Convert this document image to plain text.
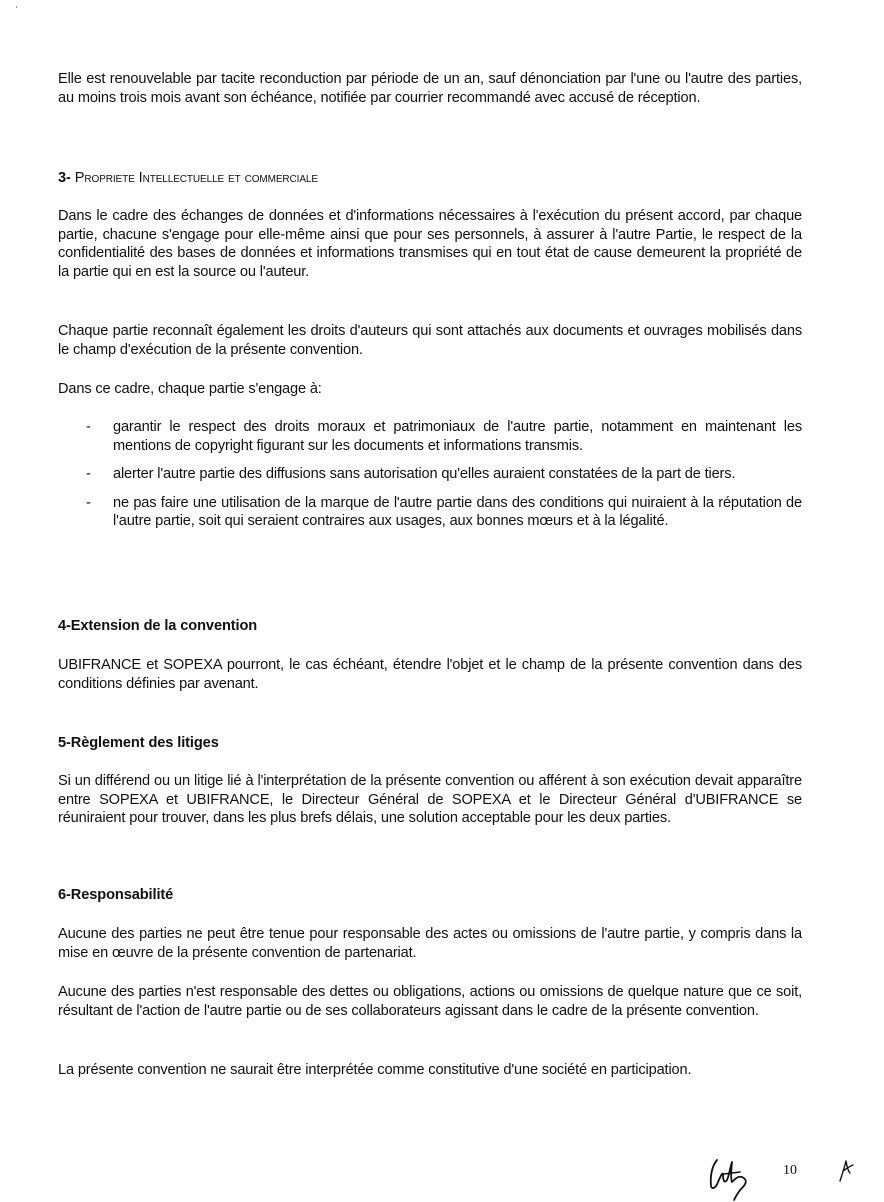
Elle est renouvelable par tacite reconduction par période de un an, sauf dénonciation par l'une ou l'autre des parties, au moins trois mois avant son échéance, notifiée par courrier recommandé avec accusé de réception.
3- Propriete Intellectuelle et commerciale
Dans le cadre des échanges de données et d'informations nécessaires à l'exécution du présent accord, par chaque partie, chacune s'engage pour elle-même ainsi que pour ses personnels, à assurer à l'autre Partie, le respect de la confidentialité des bases de données et informations transmises qui en tout état de cause demeurent la propriété de la partie qui en est la source ou l'auteur.
Chaque partie reconnaît également les droits d'auteurs qui sont attachés aux documents et ouvrages mobilisés dans le champ d'exécution de la présente convention.
Dans ce cadre, chaque partie s'engage à:
- garantir le respect des droits moraux et patrimoniaux de l'autre partie, notamment en maintenant les mentions de copyright figurant sur les documents et informations transmis.
- alerter l'autre partie des diffusions sans autorisation qu'elles auraient constatées de la part de tiers.
- ne pas faire une utilisation de la marque de l'autre partie dans des conditions qui nuiraient à la réputation de l'autre partie, soit qui seraient contraires aux usages, aux bonnes mœurs et à la légalité.
4-Extension de la convention
UBIFRANCE et SOPEXA pourront, le cas échéant, étendre l'objet et le champ de la présente convention dans des conditions définies par avenant.
5-Règlement des litiges
Si un différend ou un litige lié à l'interprétation de la présente convention ou afférent à son exécution devait apparaître entre SOPEXA et UBIFRANCE, le Directeur Général de SOPEXA et le Directeur Général d'UBIFRANCE se réuniraient pour trouver, dans les plus brefs délais, une solution acceptable pour les deux parties.
6-Responsabilité
Aucune des parties ne peut être tenue pour responsable des actes ou omissions de l'autre partie, y compris dans la mise en œuvre de la présente convention de partenariat.
Aucune des parties n'est responsable des dettes ou obligations, actions ou omissions de quelque nature que ce soit, résultant de l'action de l'autre partie ou de ses collaborateurs agissant dans le cadre de la présente convention.
La présente convention ne saurait être interprétée comme constitutive d'une société en participation.
10
